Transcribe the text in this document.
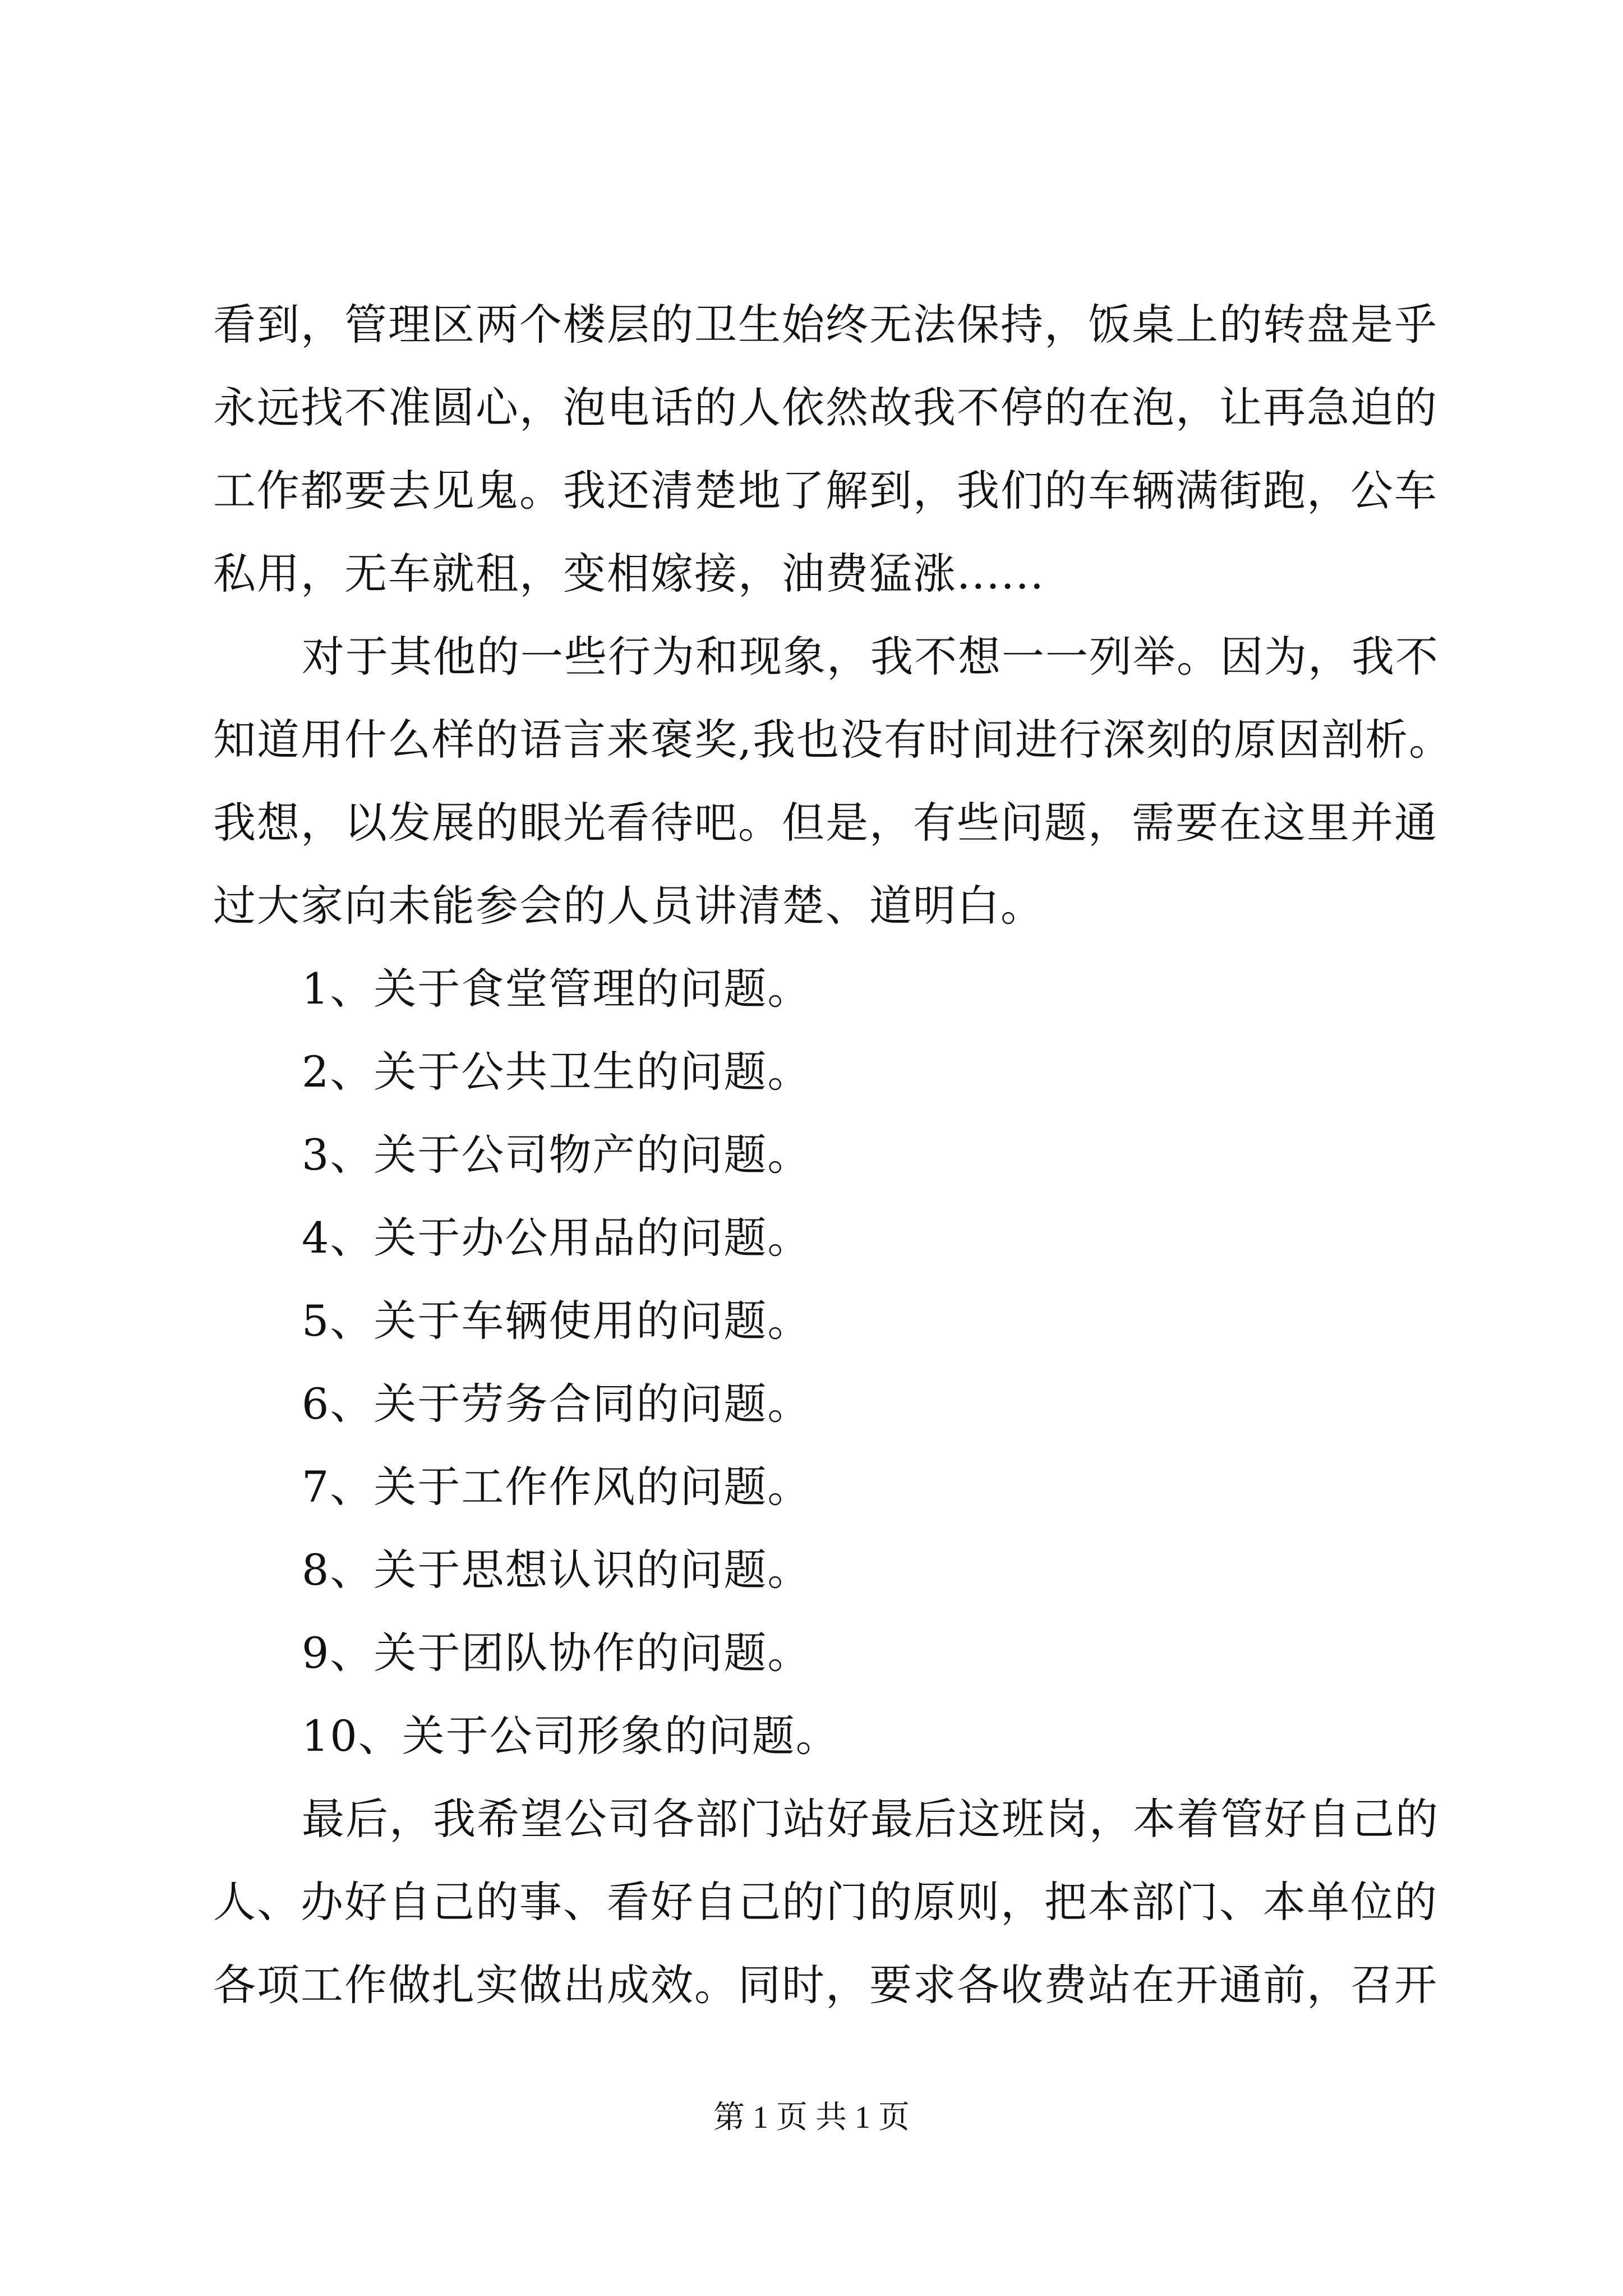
看到，管理区两个楼层的卫生始终无法保持，饭桌上的转盘是乎
永远找不准圆心，泡电话的人依然故我不停的在泡，让再急迫的
工作都要去见鬼。我还清楚地了解到，我们的车辆满街跑，公车
私用，无车就租，变相嫁接，油费猛涨......
对于其他的一些行为和现象，我不想一一列举。因为，我不
知道用什么样的语言来褒奖,我也没有时间进行深刻的原因剖析。
我想，以发展的眼光看待吧。但是，有些问题，需要在这里并通
过大家向未能参会的人员讲清楚、道明白。
1、关于食堂管理的问题。
2、关于公共卫生的问题。
3、关于公司物产的问题。
4、关于办公用品的问题。
5、关于车辆使用的问题。
6、关于劳务合同的问题。
7、关于工作作风的问题。
8、关于思想认识的问题。
9、关于团队协作的问题。
10、关于公司形象的问题。
最后，我希望公司各部门站好最后这班岗，本着管好自己的
人、办好自己的事、看好自己的门的原则，把本部门、本单位的
各项工作做扎实做出成效。同时，要求各收费站在开通前，召开
第 1 页 共 1 页
